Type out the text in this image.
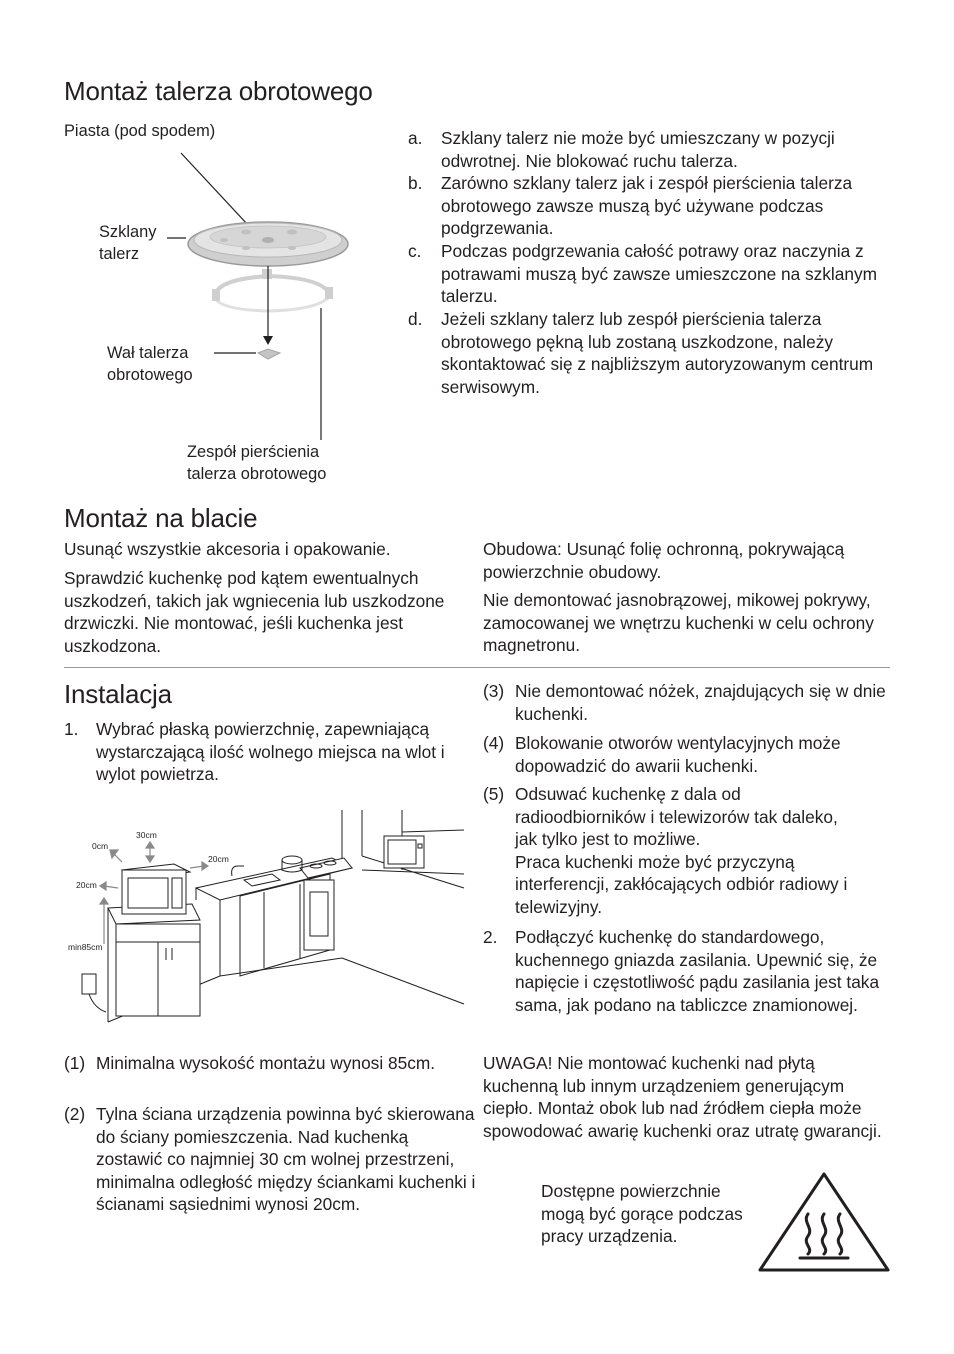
Montaż talerza obrotowego
Piasta (pod spodem)
Szklany
talerz
Wał talerza
obrotowego
Zespół pierścienia
talerza obrotowego
a. Szklany talerz nie może być umieszczany w pozycji odwrotnej. Nie blokować ruchu talerza.
b. Zarówno szklany talerz jak i zespół pierścienia talerza obrotowego zawsze muszą być używane podczas podgrzewania.
c. Podczas podgrzewania całość potrawy oraz naczynia z potrawami muszą być zawsze umieszczone na szklanym talerzu.
d. Jeżeli szklany talerz lub zespół pierścienia talerza obrotowego pękną lub zostaną uszkodzone, należy skontaktować się z najbliższym autoryzowanym centrum serwisowym.
Montaż na blacie

Usunąć wszystkie akcesoria i opakowanie.

Sprawdzić kuchenkę pod kątem ewentualnych uszkodzeń, takich jak wgniecenia lub uszkodzone drzwiczki. Nie montować, jeśli kuchenka jest uszkodzona.

Obudowa: Usunąć folię ochronną, pokrywającą powierzchnie obudowy.

Nie demontować jasnobrązowej, mikowej pokrywy, zamocowanej we wnętrzu kuchenki w celu ochrony magnetronu.

Instalacja
1. Wybrać płaską powierzchnię, zapewniającą wystarczającą ilość wolnego miejsca na wlot i wylot powietrza.
30cm
0cm
20cm
20cm
min85cm
(1) Minimalna wysokość montażu wynosi 85cm.
(2) Tylna ściana urządzenia powinna być skierowana do ściany pomieszczenia. Nad kuchenką zostawić co najmniej 30 cm wolnej przestrzeni, minimalna odległość między ściankami kuchenki i ścianami sąsiednimi wynosi 20cm.
(3) Nie demontować nóżek, znajdujących się w dnie kuchenki.
(4) Blokowanie otworów wentylacyjnych może dopowadzić do awarii kuchenki.
(5) Odsuwać kuchenkę z dala od radioodbiorników i telewizorów tak daleko, jak tylko jest to możliwe.
Praca kuchenki może być przyczyną interferencji, zakłócających odbiór radiowy i telewizyjny.
2. Podłączyć kuchenkę do standardowego, kuchennego gniazda zasilania. Upewnić się, że napięcie i częstotliwość pądu zasilania jest taka sama, jak podano na tabliczce znamionowej.

UWAGA! Nie montować kuchenki nad płytą kuchenną lub innym urządzeniem generującym ciepło. Montaż obok lub nad źródłem ciepła może spowodować awarię kuchenki oraz utratę gwarancji.

Dostępne powierzchnie mogą być gorące podczas pracy urządzenia.
